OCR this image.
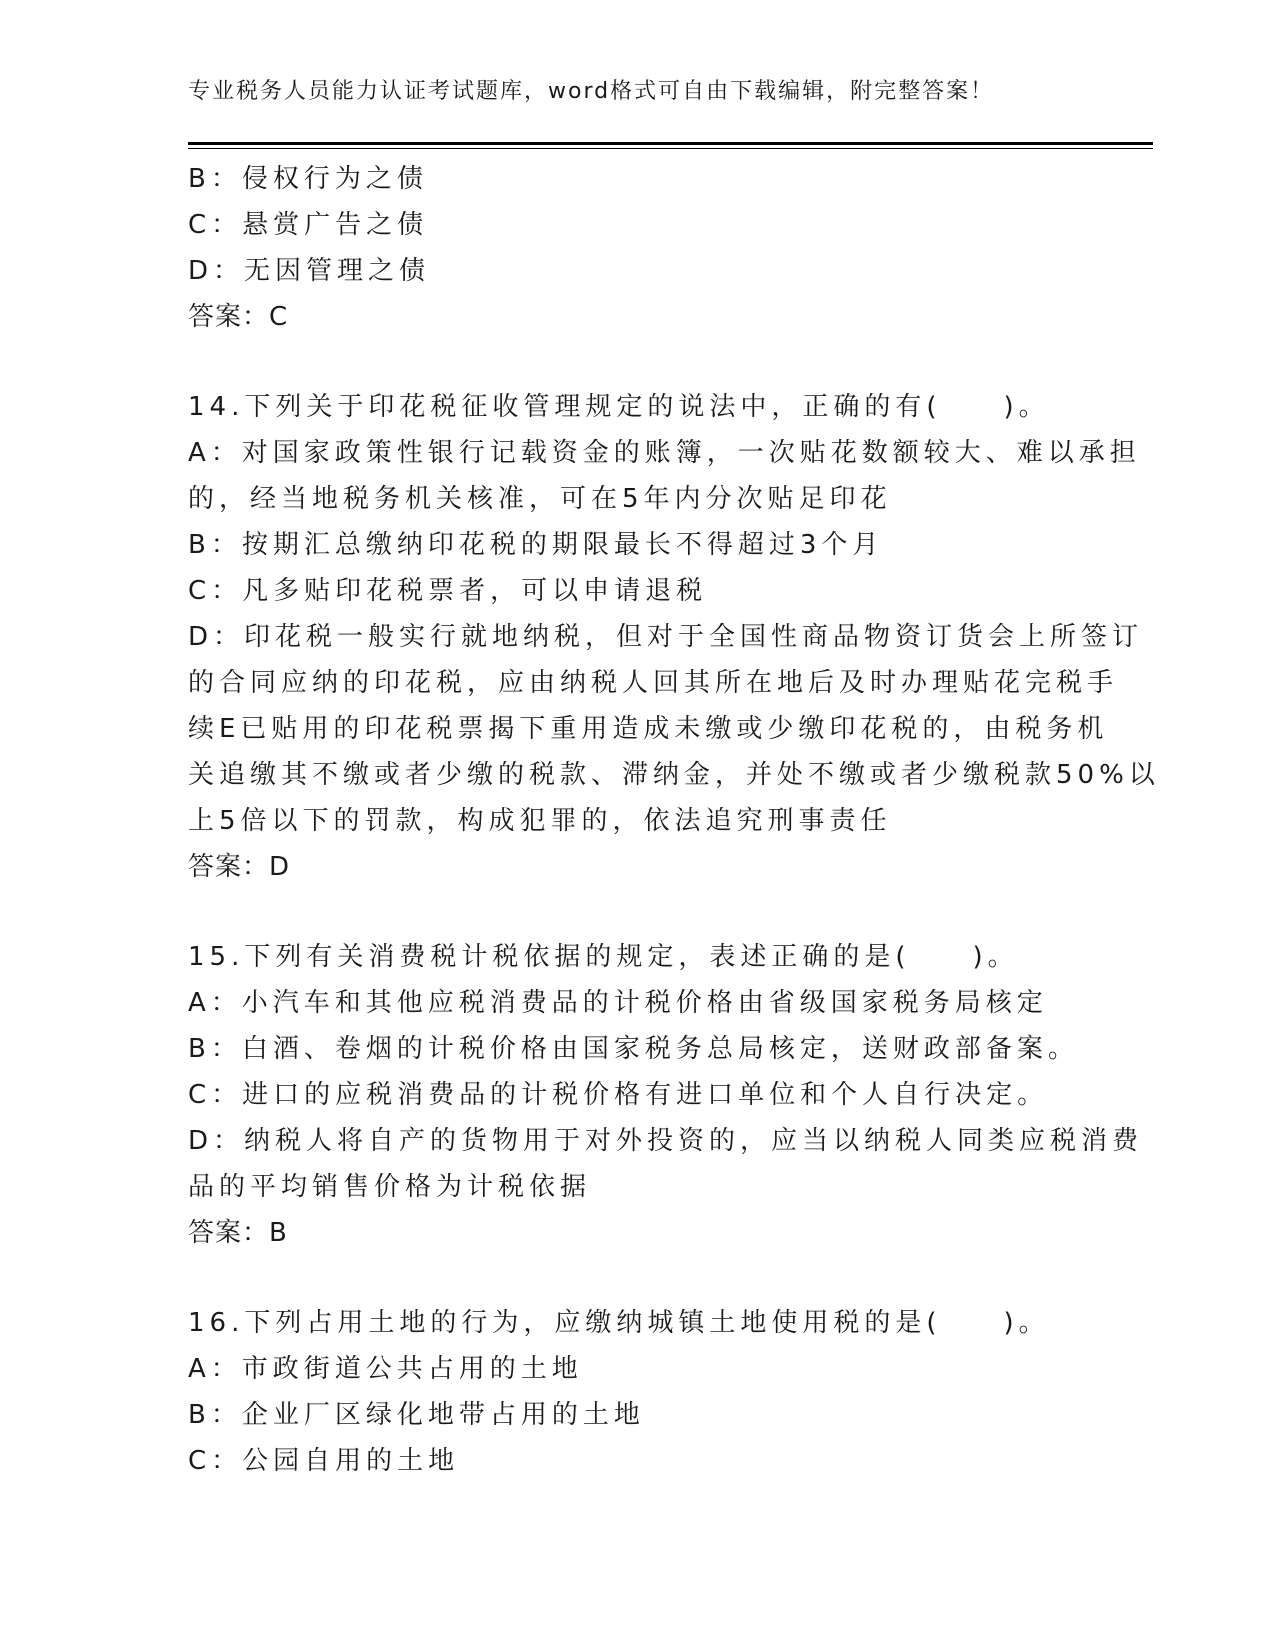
专业税务人员能力认证考试题库，word格式可自由下载编辑，附完整答案！
B：侵权行为之债
C：悬赏广告之债
D：无因管理之债
答案：C
14.下列关于印花税征收管理规定的说法中，正确的有(　　)。
A：对国家政策性银行记载资金的账簿，一次贴花数额较大、难以承担
的，经当地税务机关核准，可在5年内分次贴足印花
B：按期汇总缴纳印花税的期限最长不得超过3个月
C：凡多贴印花税票者，可以申请退税
D：印花税一般实行就地纳税，但对于全国性商品物资订货会上所签订
的合同应纳的印花税，应由纳税人回其所在地后及时办理贴花完税手
续E已贴用的印花税票揭下重用造成未缴或少缴印花税的，由税务机
关追缴其不缴或者少缴的税款、滞纳金，并处不缴或者少缴税款50%以
上5倍以下的罚款，构成犯罪的，依法追究刑事责任
答案：D
15.下列有关消费税计税依据的规定，表述正确的是(　　)。
A：小汽车和其他应税消费品的计税价格由省级国家税务局核定
B：白酒、卷烟的计税价格由国家税务总局核定，送财政部备案。
C：进口的应税消费品的计税价格有进口单位和个人自行决定。
D：纳税人将自产的货物用于对外投资的，应当以纳税人同类应税消费
品的平均销售价格为计税依据
答案：B
16.下列占用土地的行为，应缴纳城镇土地使用税的是(　　)。
A：市政街道公共占用的土地
B：企业厂区绿化地带占用的土地
C：公园自用的土地
